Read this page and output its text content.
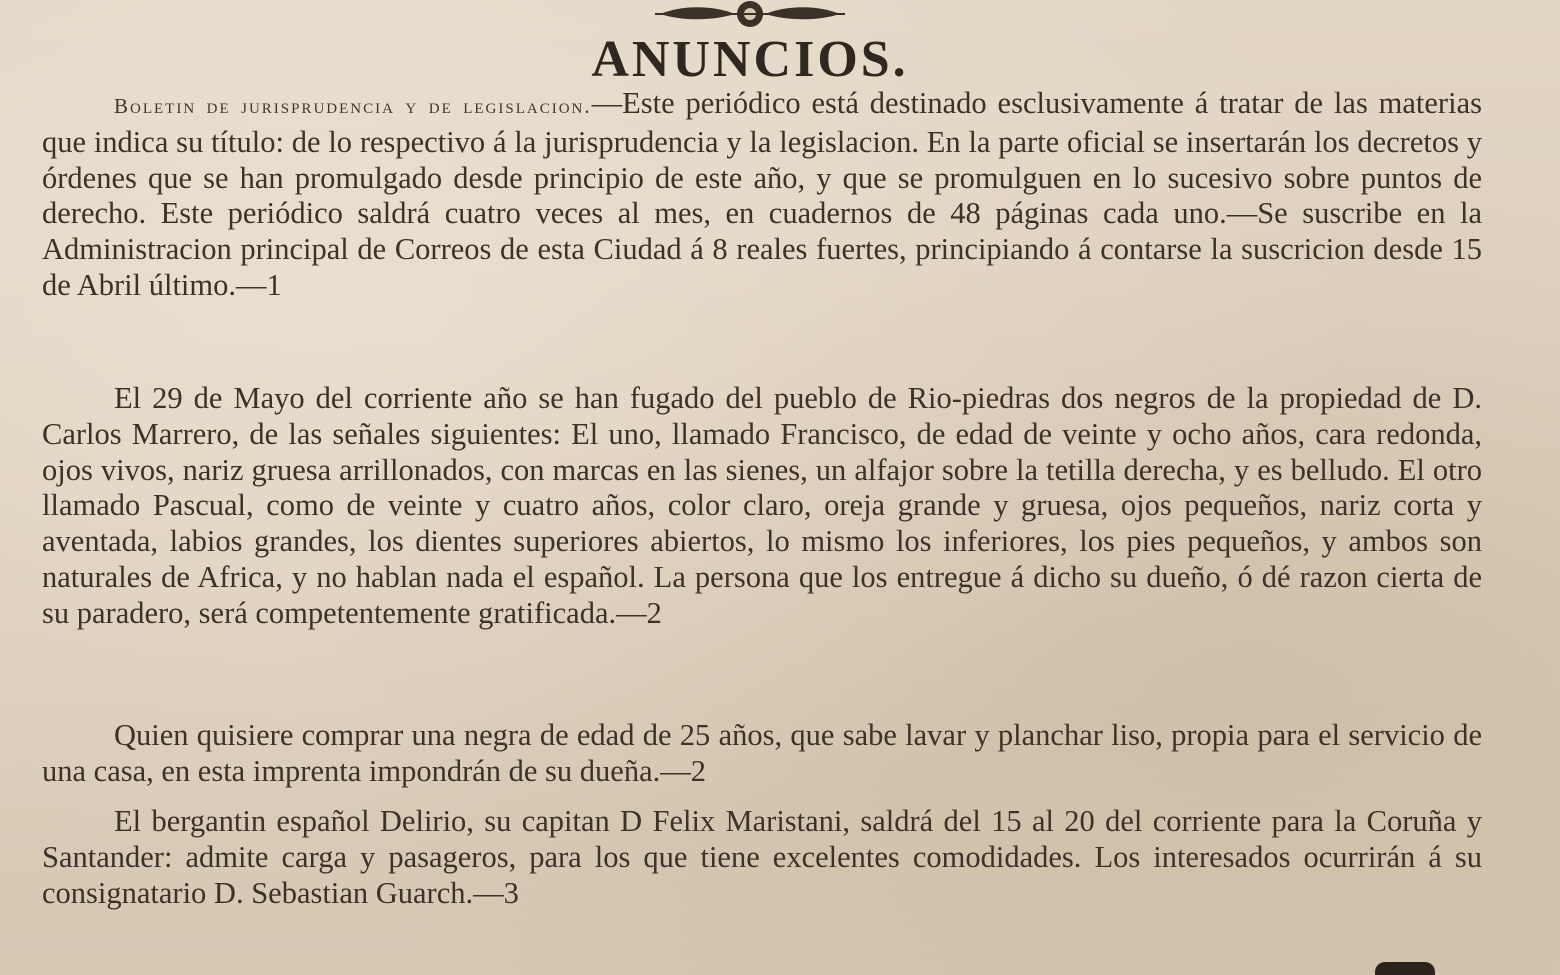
ANUNCIOS.

Boletin de jurisprudencia y de legislacion.—Este periódico está destinado esclusivamente á tratar de las materias que indica su título: de lo respectivo á la jurisprudencia y la legislacion. En la parte oficial se insertarán los decretos y órdenes que se han promulgado desde principio de este año, y que se promulguen en lo sucesivo sobre puntos de derecho. Este periódico saldrá cuatro veces al mes, en cuadernos de 48 páginas cada uno.—Se suscribe en la Administracion principal de Correos de esta Ciudad á 8 reales fuertes, principiando á contarse la suscricion desde 15 de Abril último.—1

El 29 de Mayo del corriente año se han fugado del pueblo de Rio-piedras dos negros de la propiedad de D. Carlos Marrero, de las señales siguientes: El uno, llamado Francisco, de edad de veinte y ocho años, cara redonda, ojos vivos, nariz gruesa arrillonados, con marcas en las sienes, un alfajor sobre la tetilla derecha, y es belludo. El otro llamado Pascual, como de veinte y cuatro años, color claro, oreja grande y gruesa, ojos pequeños, nariz corta y aventada, labios grandes, los dientes superiores abiertos, lo mismo los inferiores, los pies pequeños, y ambos son naturales de Africa, y no hablan nada el español. La persona que los entregue á dicho su dueño, ó dé razon cierta de su paradero, será competentemente gratificada.—2

Quien quisiere comprar una negra de edad de 25 años, que sabe lavar y planchar liso, propia para el servicio de una casa, en esta imprenta impondrán de su dueña.—2

El bergantin español Delirio, su capitan D Felix Maristani, saldrá del 15 al 20 del corriente para la Coruña y Santander: admite carga y pasageros, para los que tiene excelentes comodidades. Los interesados ocurrirán á su consignatario D. Sebastian Guarch.—3
